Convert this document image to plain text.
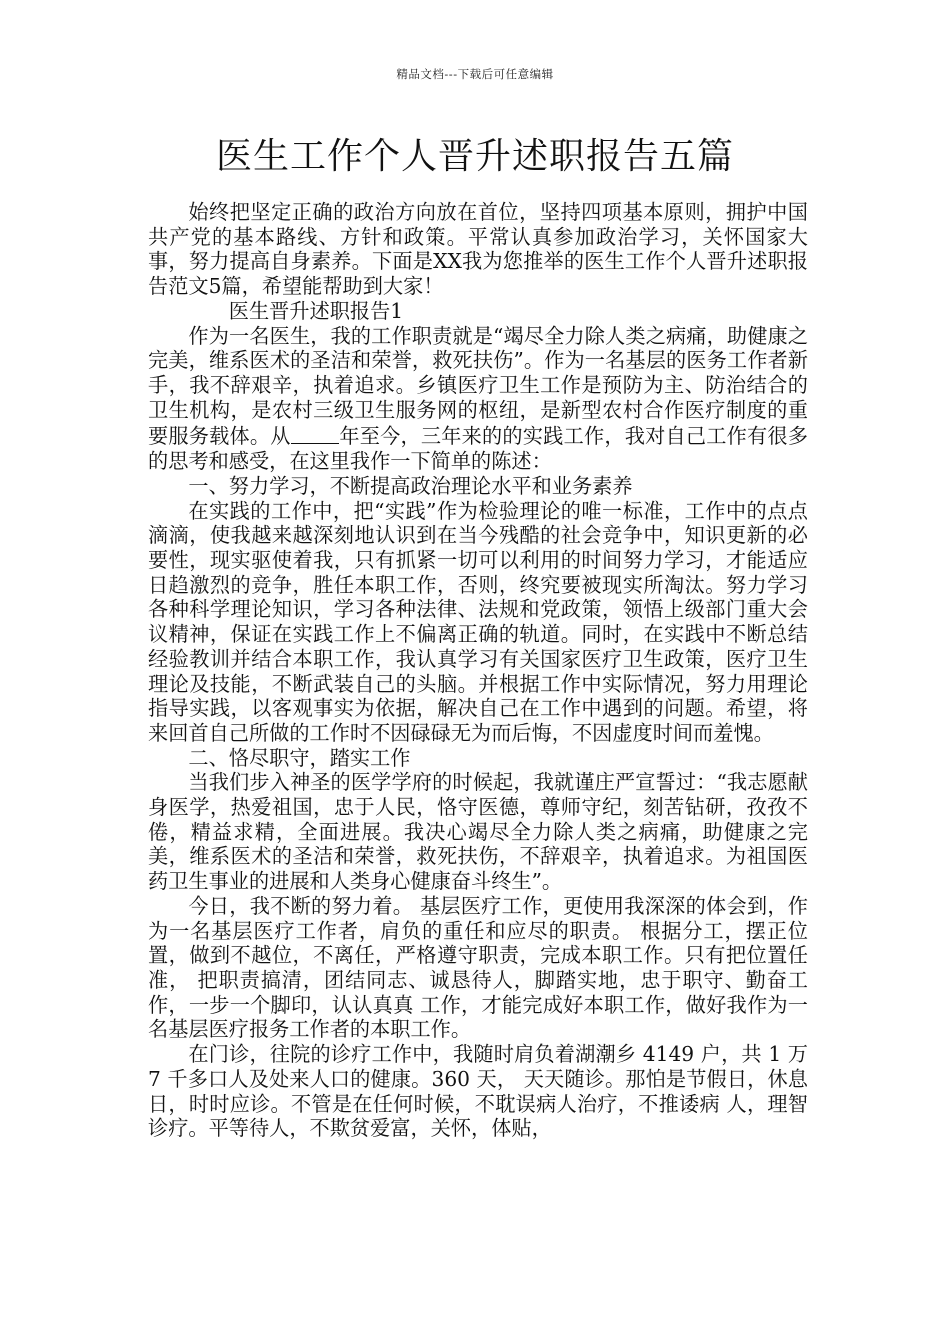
精品文档---下载后可任意编辑
医生工作个人晋升述职报告五篇

始终把坚定正确的政治方向放在首位，坚持四项基本原则，拥护中国共产党的基本路线、方针和政策。平常认真参加政治学习，关怀国家大事，努力提高自身素养。下面是XX我为您推举的医生工作个人晋升述职报告范文5篇，希望能帮助到大家！

医生晋升述职报告1

作为一名医生，我的工作职责就是“竭尽全力除人类之病痛，助健康之完美，维系医术的圣洁和荣誉，救死扶伤”。作为一名基层的医务工作者新手，我不辞艰辛，执着追求。乡镇医疗卫生工作是预防为主、防治结合的卫生机构，是农村三级卫生服务网的枢纽，是新型农村合作医疗制度的重要服务载体。从 年至今，三年来的的实践工作，我对自己工作有很多的思考和感受，在这里我作一下简单的陈述：

一、努力学习，不断提高政治理论水平和业务素养

在实践的工作中，把“实践”作为检验理论的唯一标准，工作中的点点滴滴，使我越来越深刻地认识到在当今残酷的社会竞争中，知识更新的必要性，现实驱使着我，只有抓紧一切可以利用的时间努力学习，才能适应日趋激烈的竞争，胜任本职工作，否则，终究要被现实所淘汰。努力学习各种科学理论知识，学习各种法律、法规和党政策，领悟上级部门重大会议精神，保证在实践工作上不偏离正确的轨道。同时，在实践中不断总结经验教训并结合本职工作，我认真学习有关国家医疗卫生政策，医疗卫生理论及技能，不断武装自己的头脑。并根据工作中实际情况，努力用理论指导实践，以客观事实为依据，解决自己在工作中遇到的问题。希望，将来回首自己所做的工作时不因碌碌无为而后悔，不因虚度时间而羞愧。

二、恪尽职守，踏实工作

当我们步入神圣的医学学府的时候起，我就谨庄严宣誓过：“我志愿献身医学，热爱祖国，忠于人民，恪守医德，尊师守纪，刻苦钻研，孜孜不倦，精益求精，全面进展。我决心竭尽全力除人类之病痛，助健康之完美，维系医术的圣洁和荣誉，救死扶伤，不辞艰辛，执着追求。为祖国医药卫生事业的进展和人类身心健康奋斗终生”。

今日，我不断的努力着。 基层医疗工作，更使用我深深的体会到，作为一名基层医疗工作者，肩负的重任和应尽的职责。 根据分工，摆正位置，做到不越位，不离任，严格遵守职责，完成本职工作。只有把位置任准， 把职责搞清，团结同志、诚恳待人，脚踏实地，忠于职守、勤奋工作，一步一个脚印，认认真真 工作，才能完成好本职工作，做好我作为一名基层医疗报务工作者的本职工作。

在门诊，往院的诊疗工作中，我随时肩负着湖潮乡 4149 户，共 1 万 7 千多口人及处来人口的健康。360 天， 天天随诊。那怕是节假日，休息日，时时应诊。不管是在任何时候，不耽误病人治疗，不推诿病 人，理智诊疗。平等待人，不欺贫爱富，关怀，体贴，
